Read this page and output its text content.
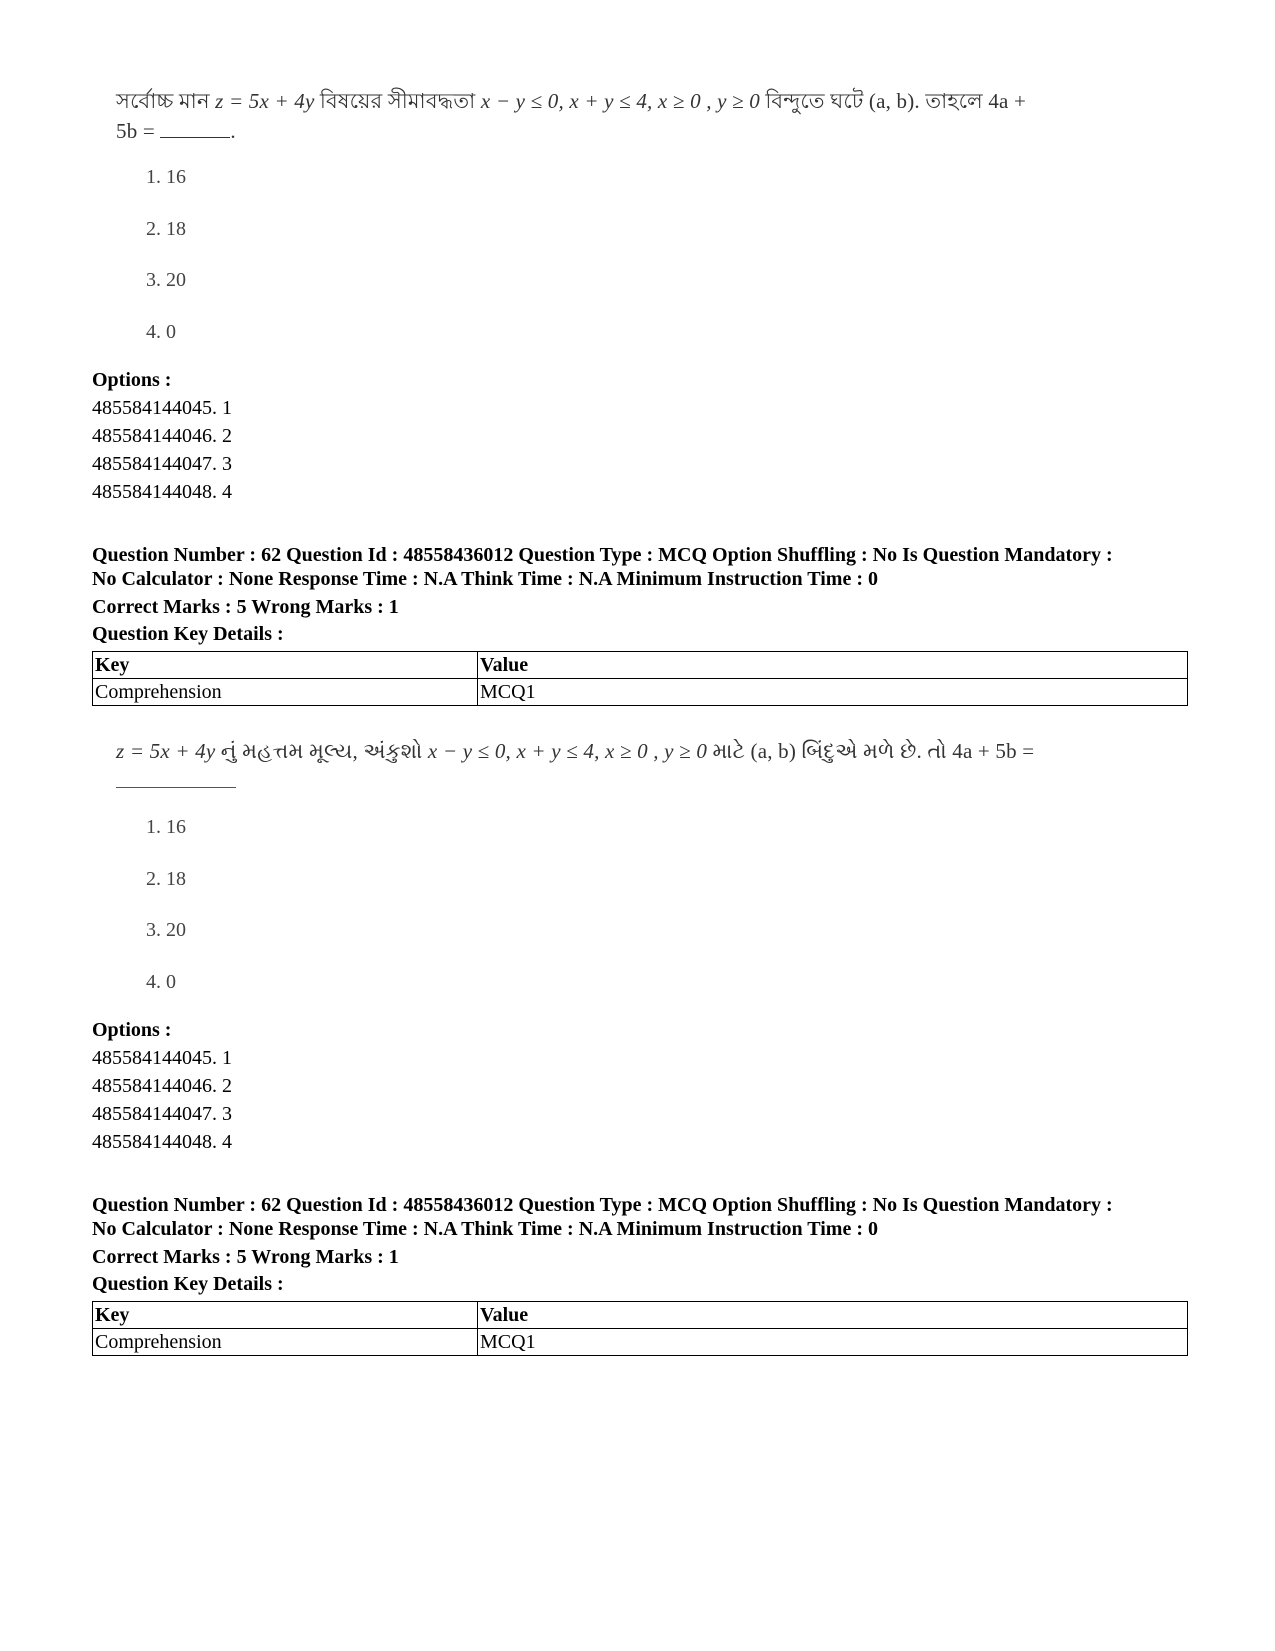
সর্বোচ্চ মান z = 5x + 4y বিষয়ের সীমাবদ্ধতা x − y ≤ 0, x + y ≤ 4, x ≥ 0 , y ≥ 0 বিন্দুতে ঘটে (a, b). তাহলে 4a +
5b =	.
1. 16
2. 18
3. 20
4. 0
Options :
485584144045. 1
485584144046. 2
485584144047. 3
485584144048. 4
Question Number : 62 Question Id : 48558436012 Question Type : MCQ Option Shuffling : No Is Question Mandatory :
No Calculator : None Response Time : N.A Think Time : N.A Minimum Instruction Time : 0
Correct Marks : 5 Wrong Marks : 1
Question Key Details :
Key	Value
Comprehension	MCQ1
z = 5x + 4y નું મહત્તમ મૂલ્ય, અંકુશો x − y ≤ 0, x + y ≤ 4, x ≥ 0 , y ≥ 0 માટે (a, b) બિંદુએ મળે છે. તો 4a + 5b =
1. 16
2. 18
3. 20
4. 0
Options :
485584144045. 1
485584144046. 2
485584144047. 3
485584144048. 4
Question Number : 62 Question Id : 48558436012 Question Type : MCQ Option Shuffling : No Is Question Mandatory :
No Calculator : None Response Time : N.A Think Time : N.A Minimum Instruction Time : 0
Correct Marks : 5 Wrong Marks : 1
Question Key Details :
Key	Value
Comprehension	MCQ1
